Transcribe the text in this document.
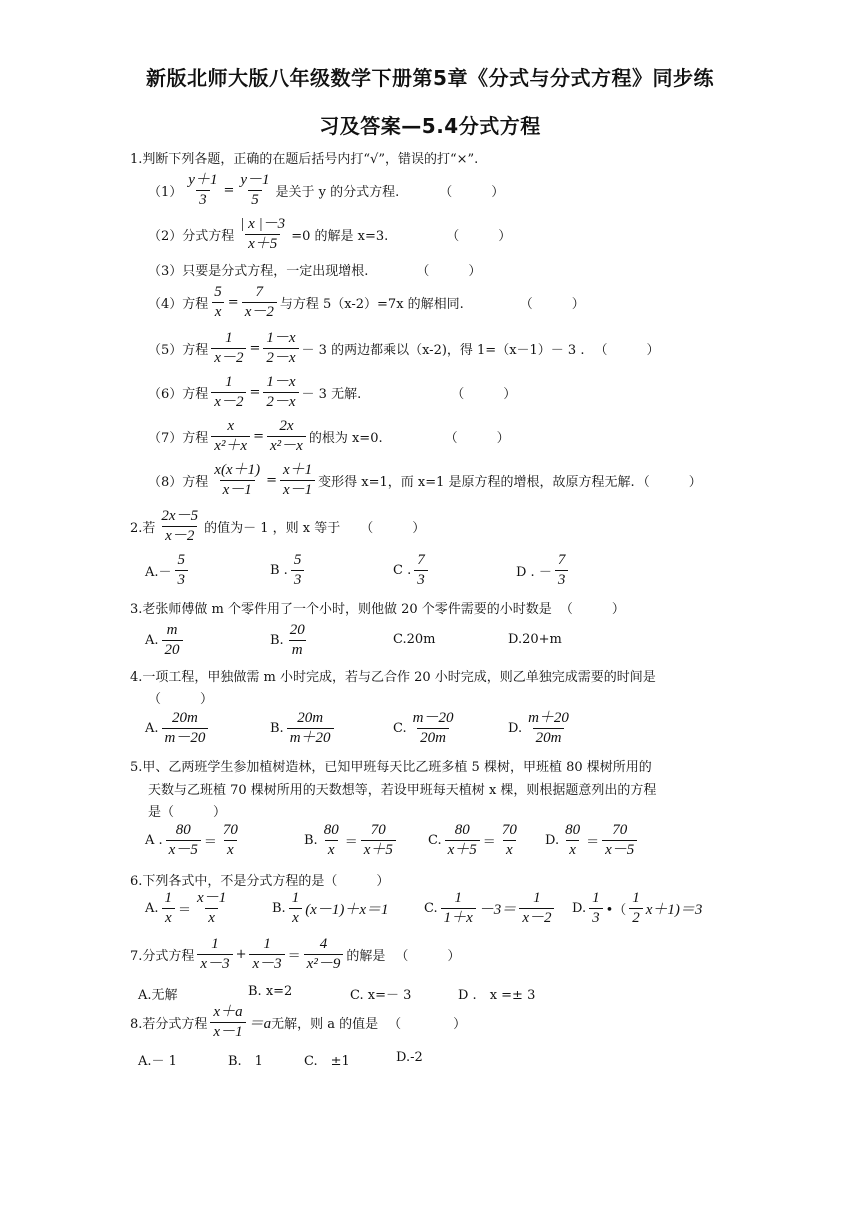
新版北师大版八年级数学下册第5章《分式与分式方程》同步练
习及答案—5.4分式方程
1.判断下列各题，正确的在题后括号内打“√”，错误的打“×”.
$(1) \frac{y+1}{3} = \frac{y-1}{5}$ 是关于 y 的分式方程.	（　　　）
（2）分式方程 $\frac{| x |-3}{x+5} =0$ 的解是 x=3.	（　　　）
（3）只要是分式方程，一定出现增根.	（　　　）
（4）方程 $\frac{5}{x} = \frac{7}{x-2}$ 与方程 5（x-2）=7x 的解相同.	（　　　）
（5）方程 $\frac{1}{x-2} = \frac{1-x}{2-x} - 3$ 的两边都乘以（x-2)，得 1=（x－1）－ 3 . （　　　）
（6）方程 $\frac{1}{x-2} = \frac{1-x}{2-x} - 3$ 无解.	（　　　）
（7）方程 $\frac{x}{\text{x²＋x}} = \frac{2x}{\text{x²－x}}$ 的根为 x=0.	（　　　）
（8）方程 $\frac{x(x+1)}{x-1} = \frac{x+1}{x-1}$ 变形得 x=1，而 x=1 是原方程的增根，故原方程无解. （　　　）
2.若 $\frac{2x-5}{x-2}$ 的值为－ 1 ，则 x 等于 （　　　）
$A.- \frac{5}{3}$	B . $\frac{5}{3}$	C . $\frac{7}{3}$	D . － $\frac{7}{3}$
3.老张师傅做 m 个零件用了一个小时，则他做 20 个零件需要的小时数是 （　　　）
A. $\frac{m}{20}$	B. $\frac{20}{m}$	C.20m	D.20+m
4.一项工程，甲独做需 m 小时完成，若与乙合作 20 小时完成，则乙单独完成需要的时间是
（　　　）
A. $\frac{20m}{m-20}$	B. $\frac{20m}{m+20}$	C. $\frac{m-20}{20m}$	D. $\frac{m+20}{20m}$
5.甲、乙两班学生参加植树造林，已知甲班每天比乙班多植 5 棵树，甲班植 80 棵树所用的
天数与乙班植 70 棵树所用的天数想等，若设甲班每天植树 x 棵，则根据题意列出的方程
是（　　　）
A . $\frac{80}{x-5} = \frac{70}{x}$	B. $\frac{80}{x} = \frac{70}{x+5} C$. $\frac{80}{x+5} = \frac{70}{x} D$. $\frac{80}{x} = \frac{70}{x-5}$
6.下列各式中，不是分式方程的是（　　　）
A. $\frac{1}{x} = \frac{x-1}{x}$	B. $\frac{1}{x} (x-1)+x=1$	C. $\frac{1}{1+x} -3= \frac{1}{x-2} D$. $\frac{1}{3}$ •（ $\frac{1}{2} x+1)=3$
7.分式方程 $\frac{1}{x-3} + \frac{1}{x-3} = \frac{4}{\text{x²－9}}$ 的解是 （　　　）
A.无解	B. x=2	C. x=－ 3	D .　x =± 3
8.若分式方程 $\frac{x+a}{x-1} =a$ 无解，则 a 的值是 （　　　　）
A.－ 1	B.　1	C.　±1	D.-2
